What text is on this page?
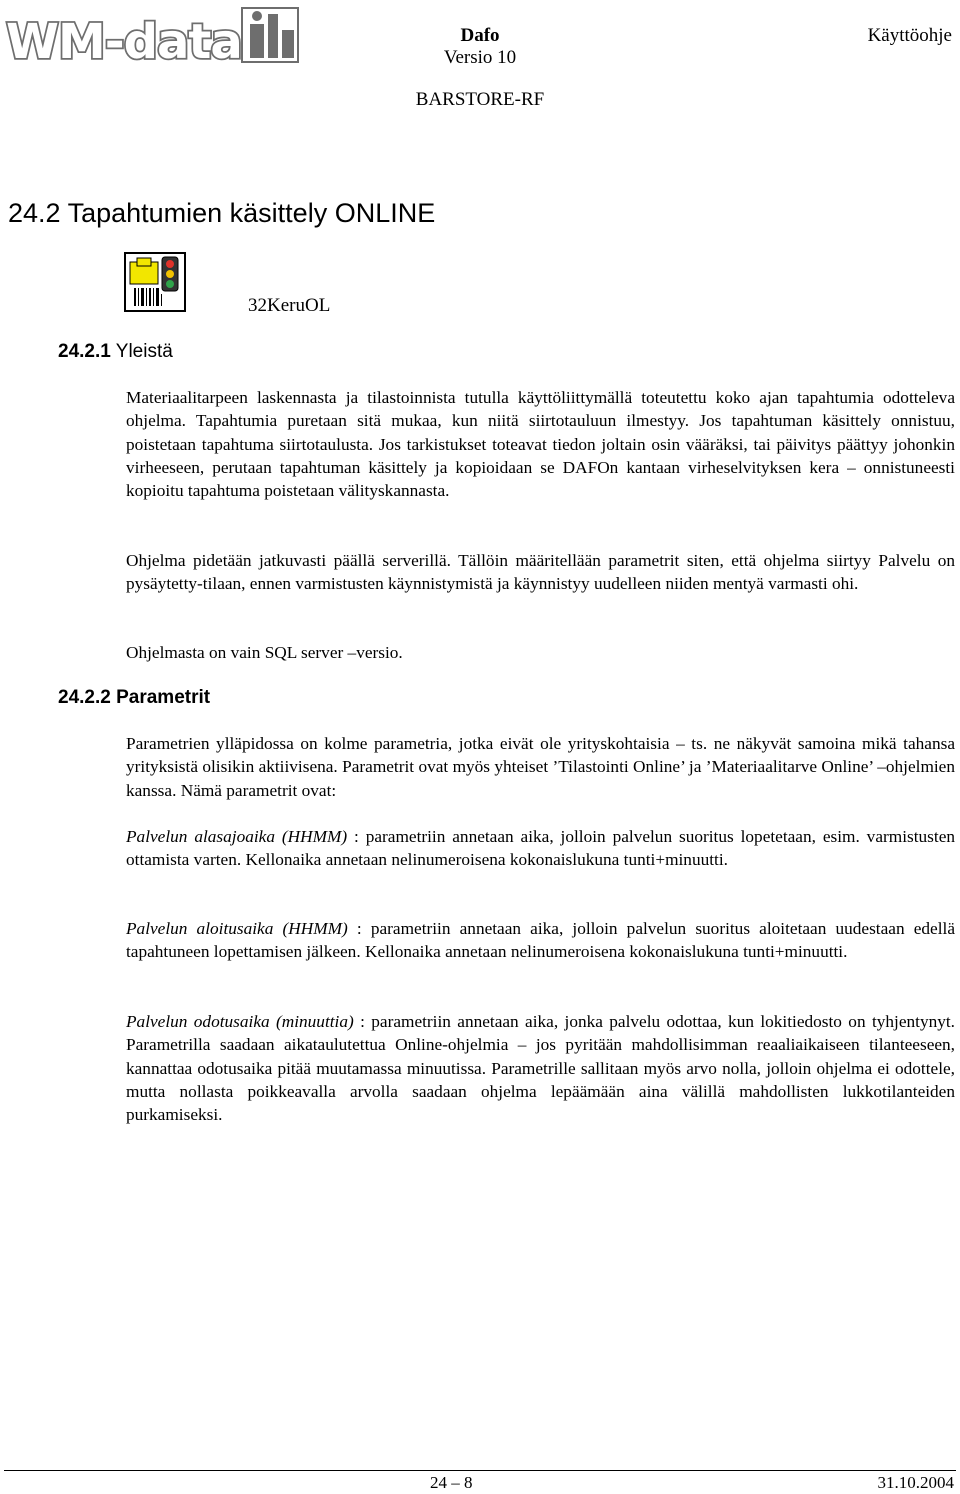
WM-data	Dafo
Versio 10
BARSTORE-RF
Käyttöohje
24.2 Tapahtumien käsittely ONLINE
32KeruOL
24.2.1 Yleistä

Materiaalitarpeen laskennasta ja tilastoinnista tutulla käyttöliittymällä toteutettu koko ajan tapahtumia odotteleva ohjelma. Tapahtumia puretaan sitä mukaa, kun niitä siirtotauluun ilmestyy. Jos tapahtuman käsittely onnistuu, poistetaan tapahtuma siirtotaulusta. Jos tarkistukset toteavat tiedon joltain osin vääräksi, tai päivitys päättyy johonkin virheeseen, perutaan tapahtuman käsittely ja kopioidaan se DAFOn kantaan virheselvityksen kera – onnistuneesti kopioitu tapahtuma poistetaan välityskannasta.

Ohjelma pidetään jatkuvasti päällä serverillä. Tällöin määritellään parametrit siten, että ohjelma siirtyy Palvelu on pysäytetty-tilaan, ennen varmistusten käynnistymistä ja käynnistyy uudelleen niiden mentyä varmasti ohi.

Ohjelmasta on vain SQL server –versio.

24.2.2 Parametrit

Parametrien ylläpidossa on kolme parametria, jotka eivät ole yrityskohtaisia – ts. ne näkyvät samoina mikä tahansa yrityksistä olisikin aktiivisena. Parametrit ovat myös yhteiset ’Tilastointi Online’ ja ’Materiaalitarve Online’ –ohjelmien kanssa. Nämä parametrit ovat:

Palvelun alasajoaika (HHMM) : parametriin annetaan aika, jolloin palvelun suoritus lopetetaan, esim. varmistusten ottamista varten. Kellonaika annetaan nelinumeroisena kokonaislukuna tunti+minuutti.

Palvelun aloitusaika (HHMM) : parametriin annetaan aika, jolloin palvelun suoritus aloitetaan uudestaan edellä tapahtuneen lopettamisen jälkeen. Kellonaika annetaan nelinumeroisena kokonaislukuna tunti+minuutti.

Palvelun odotusaika (minuuttia) : parametriin annetaan aika, jonka palvelu odottaa, kun lokitiedosto on tyhjentynyt. Parametrilla saadaan aikataulutettua Online-ohjelmia – jos pyritään mahdollisimman reaaliaikaiseen tilanteeseen, kannattaa odotusaika pitää muutamassa minuutissa. Parametrille sallitaan myös arvo nolla, jolloin ohjelma ei odottele, mutta nollasta poikkeavalla arvolla saadaan ohjelma lepäämään aina välillä mahdollisten lukkotilanteiden purkamiseksi.

24 – 8	31.10.2004
